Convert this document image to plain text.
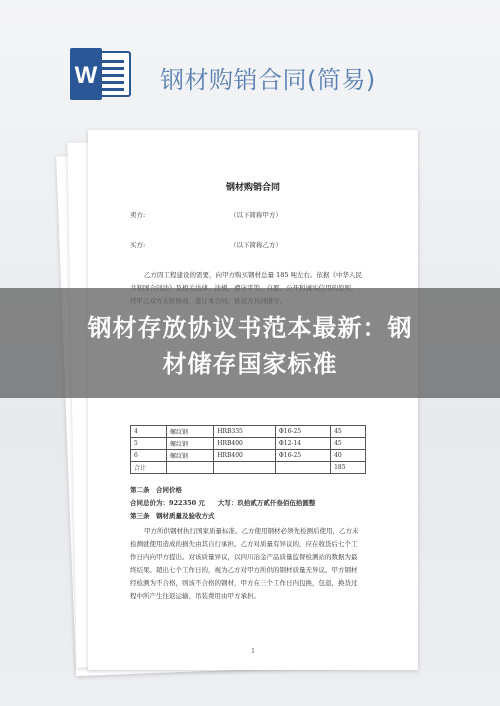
W	钢材购销合同(简易)
钢材购销合同
卖方:	（以下简称甲方）
买方:	（以下简称乙方）
乙方因工程建设的需要，向甲方购买钢材总量 185 吨左右。依据《中华人民
4	螺纹钢	HRB335	Φ16-25	45
5	螺纹钢	HRB400	Φ12-14	45
6	螺纹钢	HRB400	Φ16-25	40
合计				185
第二条　合同价格
合同总价为：922350 元　　大写：玖拾贰万贰仟叁佰伍拾圆整
第三条　钢材质量及验收方式
甲方所供钢材执行国家质量标准。乙方使用钢材必须先检测后使用，乙方未
检测就使用造成的损失由其自行承担。乙方对质量有异议的，应在收货后七个工
作日内向甲方提出。对该质量异议，以四川冶金产品质量监督检测站的数据为最
终结果。超出七个工作日的，视为乙方对甲方所供的钢材质量无异议。甲方钢材
经检测为不合格，则该不合格的钢材，甲方在三个工作日内包换，包退，换货过
程中所产生往返运输、吊装费用由甲方承担。
1
钢材存放协议书范本最新：钢
材储存国家标准
